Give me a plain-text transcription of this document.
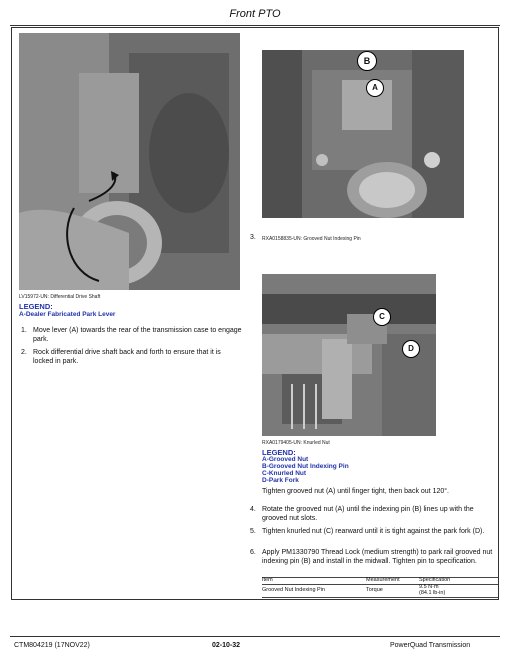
Front PTO
LV15972-UN: Differential Drive Shaft
LEGEND:
A-Dealer Fabricated Park Lever
1. Move lever (A) towards the rear of the transmission case to engage park.
2. Rock differential drive shaft back and forth to ensure that it is locked in park.
B
A
3. RXA0158835-UN: Grooved Nut Indexing Pin
C
D
RXA0179405-UN: Knurled Nut
LEGEND:
A-Grooved Nut
B-Grooved Nut Indexing Pin
C-Knurled Nut
D-Park Fork
Tighten grooved nut (A) until finger tight, then back out 120°.
4. Rotate the grooved nut (A) until the indexing pin (B) lines up with the grooved nut slots.
5. Tighten knurled nut (C) rearward until it is tight against the park fork (D).
6. Apply PM1330790 Thread Lock (medium strength) to park rail grooved nut indexing pin (B) and install in the midwall. Tighten pin to specification.
Item	Measurement	Specification
Grooved Nut Indexing Pin	Torque	9.5 N·m
(84.1 lb-in)
CTM804219 (17NOV22)	02-10-32	PowerQuad Transmission
